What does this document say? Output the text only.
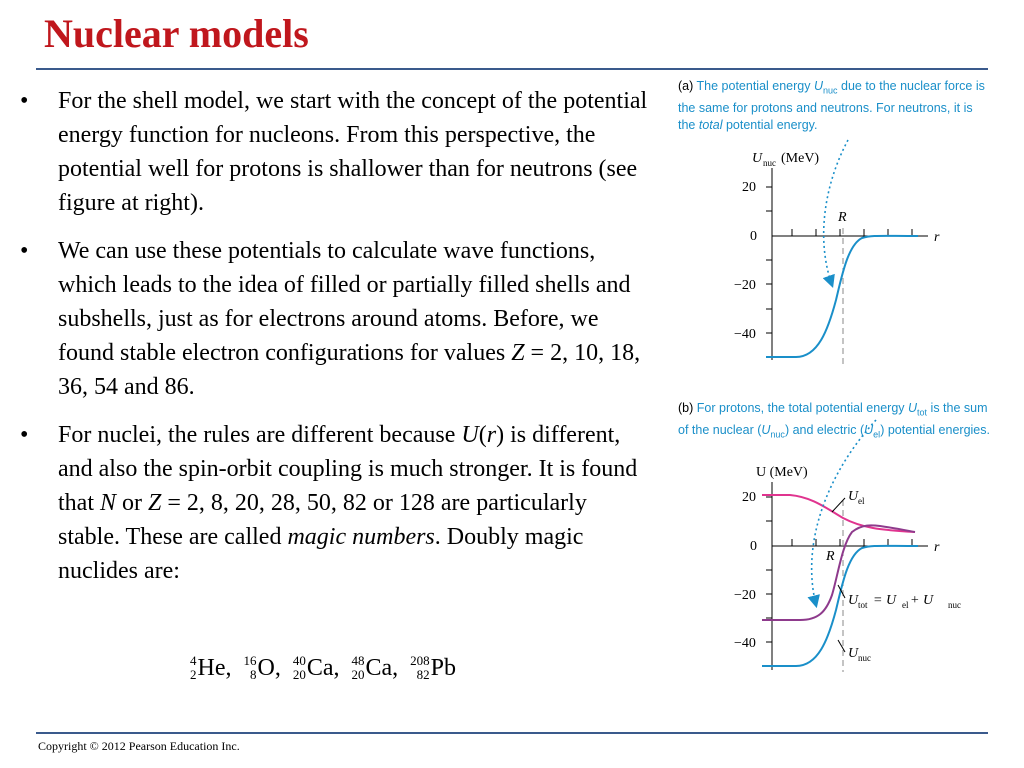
Nuclear models
• For the shell model, we start with the concept of the potential energy function for nucleons. From this perspective, the potential well for protons is shallower than for neutrons (see figure at right).
• We can use these potentials to calculate wave functions, which leads to the idea of filled or partially filled shells and subshells, just as for electrons around atoms. Before, we found stable electron configurations for values Z = 2, 10, 18, 36, 54 and 86.
• For nuclei, the rules are different because U(r) is different, and also the spin-orbit coupling is much stronger. It is found that N or Z = 2, 8, 20, 28, 50, 82 or 128 are particularly stable. These are called magic numbers. Doubly magic nuclides are:
4
2 He,
16
8 O,
40
20 Ca,
48
20 Ca,
208
82 Pb
(a) The potential energy $U_{nuc}$ due to the nuclear force is the same for protons and neutrons. For neutrons, it is the total potential energy.
(b) For protons, the total potential energy $U_{tot}$ is the sum of the nuclear $(U_{nuc})$ and electric $(U_{el})$ potential energies.
U nuc (MeV)
20
0
−20
−40
r
R
U (MeV)
20
0
−20
−40
r
R
U el
U tot = U el + U nuc
U nuc
Copyright © 2012 Pearson Education Inc.
